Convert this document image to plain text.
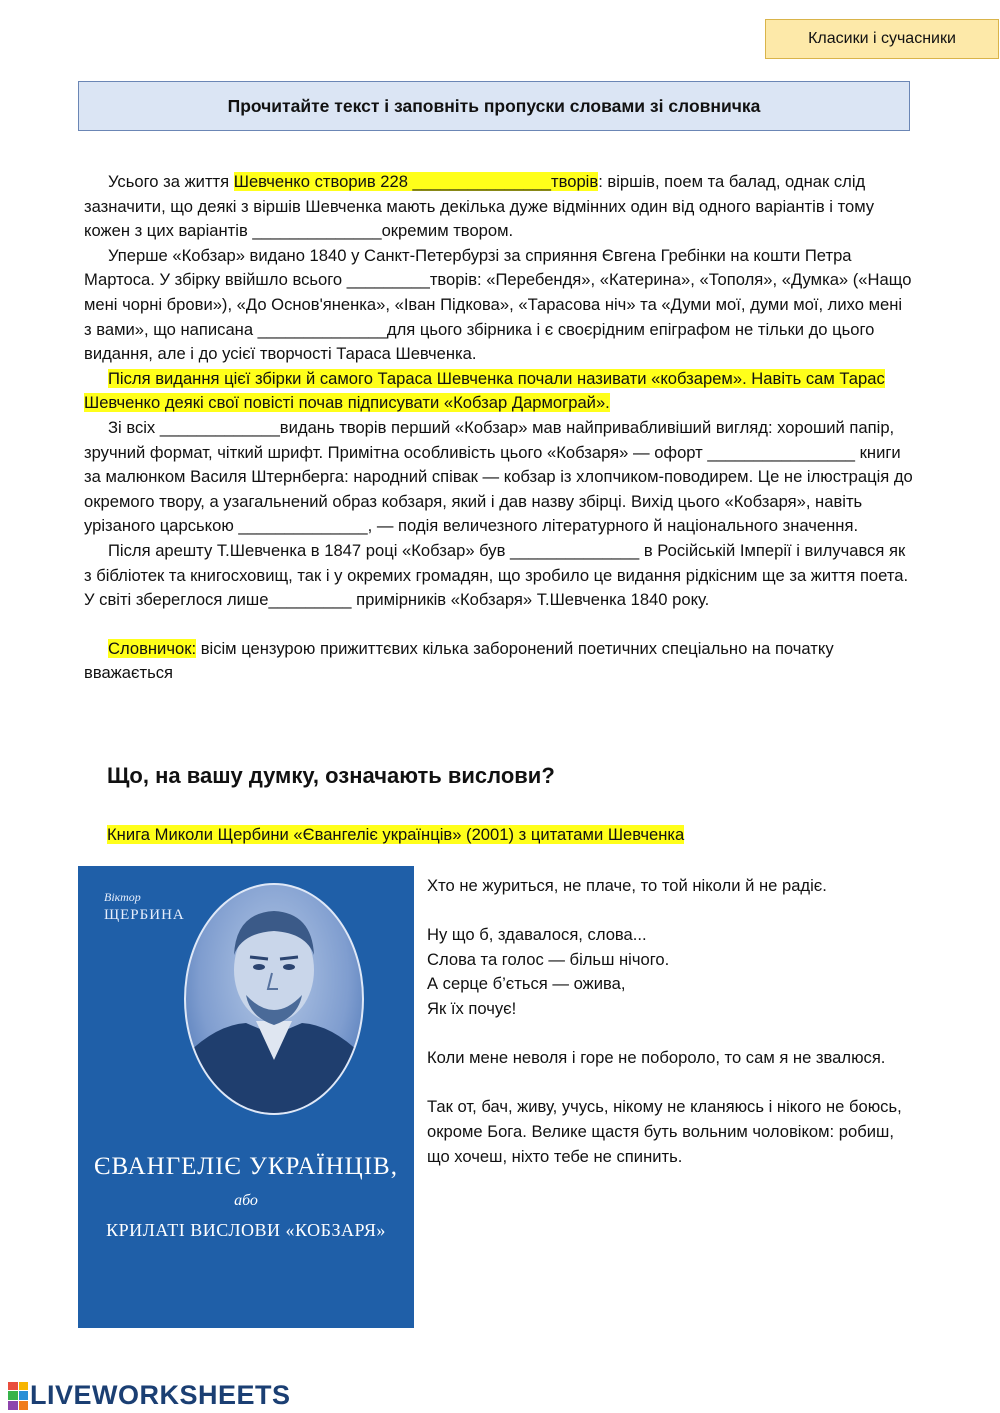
Класики і сучасники
Прочитайте текст і заповніть пропуски словами зі словничка

Усього за життя Шевченко створив 228 _______________творів: віршів, поем та балад, однак слід зазначити, що деякі з віршів Шевченка мають декілька дуже відмінних один від одного варіантів і тому кожен з цих варіантів ______________окремим твором.

Уперше «Кобзар» видано 1840 у Санкт-Петербурзі за сприяння Євгена Гребінки на кошти Петра Мартоса. У збірку ввійшло всього _________творів: «Перебендя», «Катерина», «Тополя», «Думка» («Нащо мені чорні брови»), «До Основ'яненка», «Іван Підкова», «Тарасова ніч» та «Думи мої, думи мої, лихо мені з вами», що написана ______________для цього збірника і є своєрідним епіграфом не тільки до цього видання, але і до усієї творчості Тараса Шевченка.

Після видання цієї збірки й самого Тараса Шевченка почали називати «кобзарем». Навіть сам Тарас Шевченко деякі свої повісті почав підписувати «Кобзар Дармограй».

Зі всіх _____________видань творів перший «Кобзар» мав найпривабливіший вигляд: хороший папір, зручний формат, чіткий шрифт. Примітна особливість цього «Кобзаря» — офорт ________________ книги за малюнком Василя Штернберга: народний співак — кобзар із хлопчиком-поводирем. Це не ілюстрація до окремого твору, а узагальнений образ кобзаря, який і дав назву збірці. Вихід цього «Кобзаря», навіть урізаного царською ______________, — подія величезного літературного й національного значення.

Після арешту Т.Шевченка в 1847 році «Кобзар» був ______________ в Російській Імперії і вилучався як з бібліотек та книгосховищ, так і у окремих громадян, що зробило це видання рідкісним ще за життя поета. У світі збереглося лише_________ примірників «Кобзаря» Т.Шевченка 1840 року.

Словничок: вісім цензурою прижиттєвих кілька заборонений поетичних спеціально на початку вважається

Що, на вашу думку, означають вислови?
Книга Миколи Щербини «Євангеліє українців» (2001) з цитатами Шевченка
Віктор
ЩЕРБИНА
ЄВАНГЕЛІЄ УКРАЇНЦІВ,
або
КРИЛАТІ ВИСЛОВИ «КОБЗАРЯ»

Хто не журиться, не плаче, то той ніколи й не радіє.

Ну що б, здавалося, слова...
Слова та голос — більш нічого.
А серце б’ється — ожива,
Як їх почує!

Коли мене неволя і горе не побороло, то сам я не звалюся.

Так от, бач, живу, учусь, нікому не кланяюсь і нікого не боюсь, окроме Бога. Велике щастя буть вольним чоловіком: робиш, що хочеш, ніхто тебе не спинить.

LIVEWORKSHEETS
